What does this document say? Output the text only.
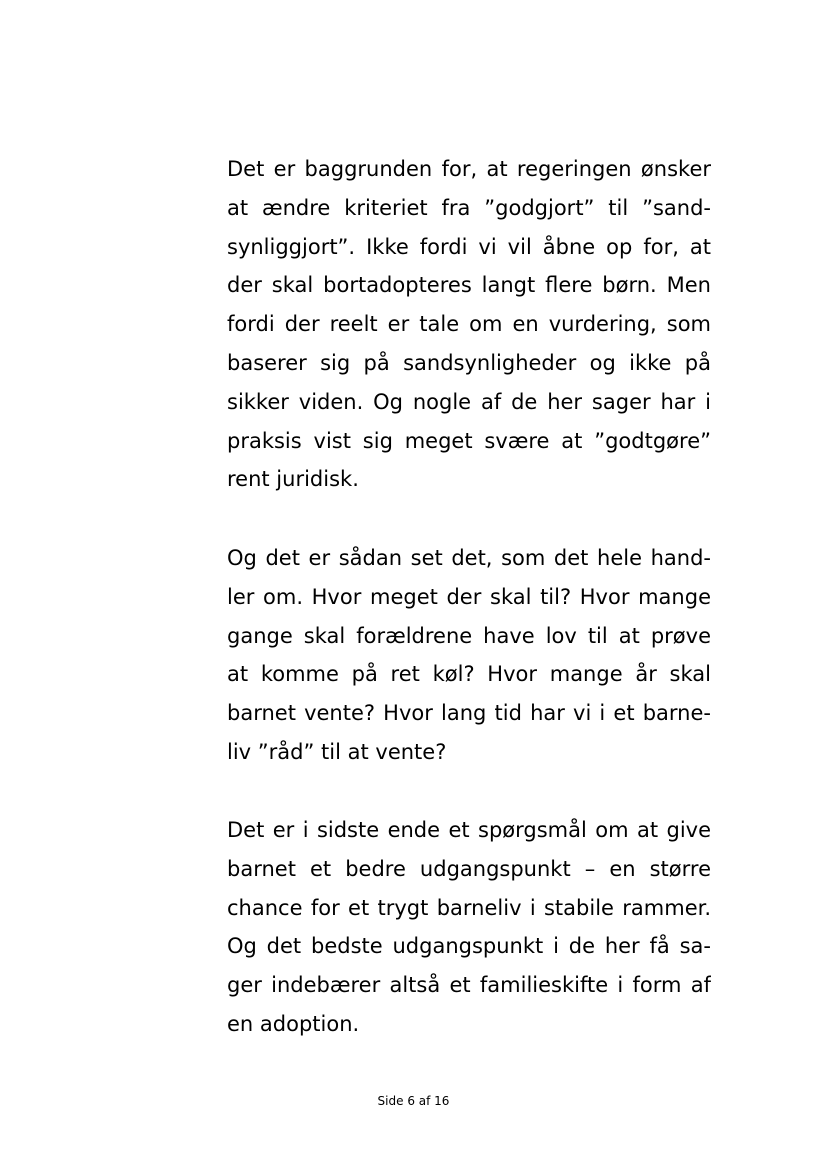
Det er baggrunden for, at regeringen ønsker
at ændre kriteriet fra ”godgjort” til ”sand-
synliggjort”. Ikke fordi vi vil åbne op for, at
der skal bortadopteres langt flere børn. Men
fordi der reelt er tale om en vurdering, som
baserer sig på sandsynligheder og ikke på
sikker viden. Og nogle af de her sager har i
praksis vist sig meget svære at ”godtgøre”
rent juridisk.
Og det er sådan set det, som det hele hand-
ler om. Hvor meget der skal til? Hvor mange
gange skal forældrene have lov til at prøve
at komme på ret køl? Hvor mange år skal
barnet vente? Hvor lang tid har vi i et barne-
liv ”råd” til at vente?
Det er i sidste ende et spørgsmål om at give
barnet et bedre udgangspunkt – en større
chance for et trygt barneliv i stabile rammer.
Og det bedste udgangspunkt i de her få sa-
ger indebærer altså et familieskifte i form af
en adoption.
Side 6 af 16
